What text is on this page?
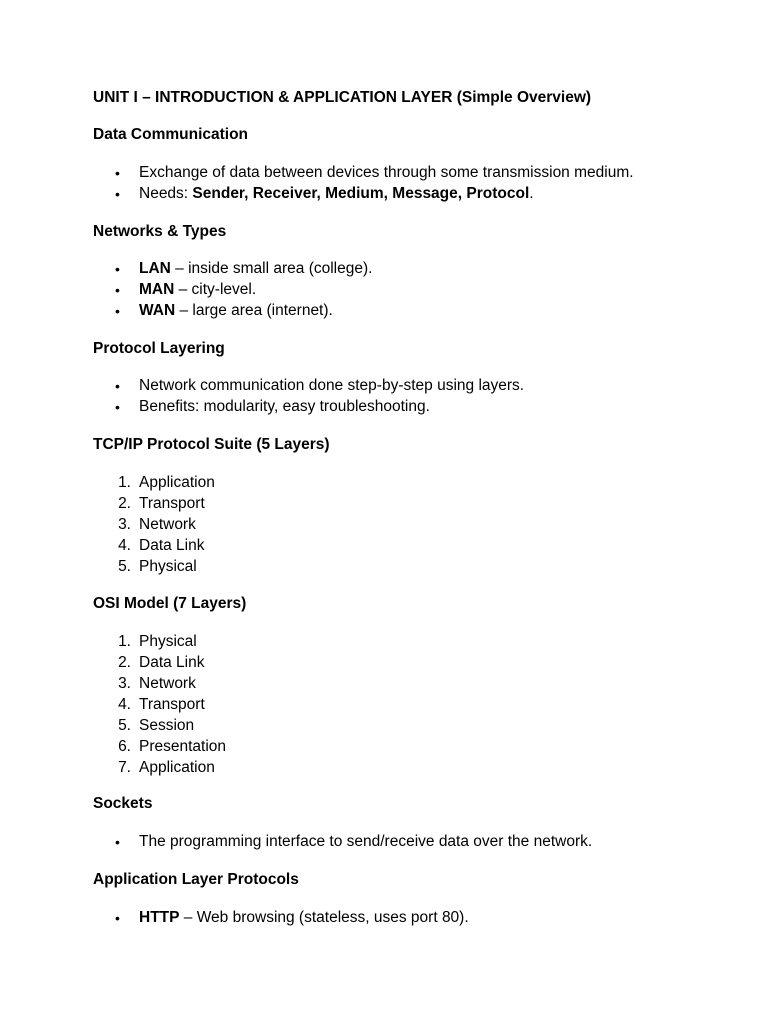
UNIT I – INTRODUCTION & APPLICATION LAYER (Simple Overview)
Data Communication
• Exchange of data between devices through some transmission medium.
• Needs: Sender, Receiver, Medium, Message, Protocol.
Networks & Types
• LAN – inside small area (college).
• MAN – city-level.
• WAN – large area (internet).
Protocol Layering
• Network communication done step-by-step using layers.
• Benefits: modularity, easy troubleshooting.
TCP/IP Protocol Suite (5 Layers)
1. Application
2. Transport
3. Network
4. Data Link
5. Physical
OSI Model (7 Layers)
1. Physical
2. Data Link
3. Network
4. Transport
5. Session
6. Presentation
7. Application
Sockets
• The programming interface to send/receive data over the network.
Application Layer Protocols
• HTTP – Web browsing (stateless, uses port 80).
